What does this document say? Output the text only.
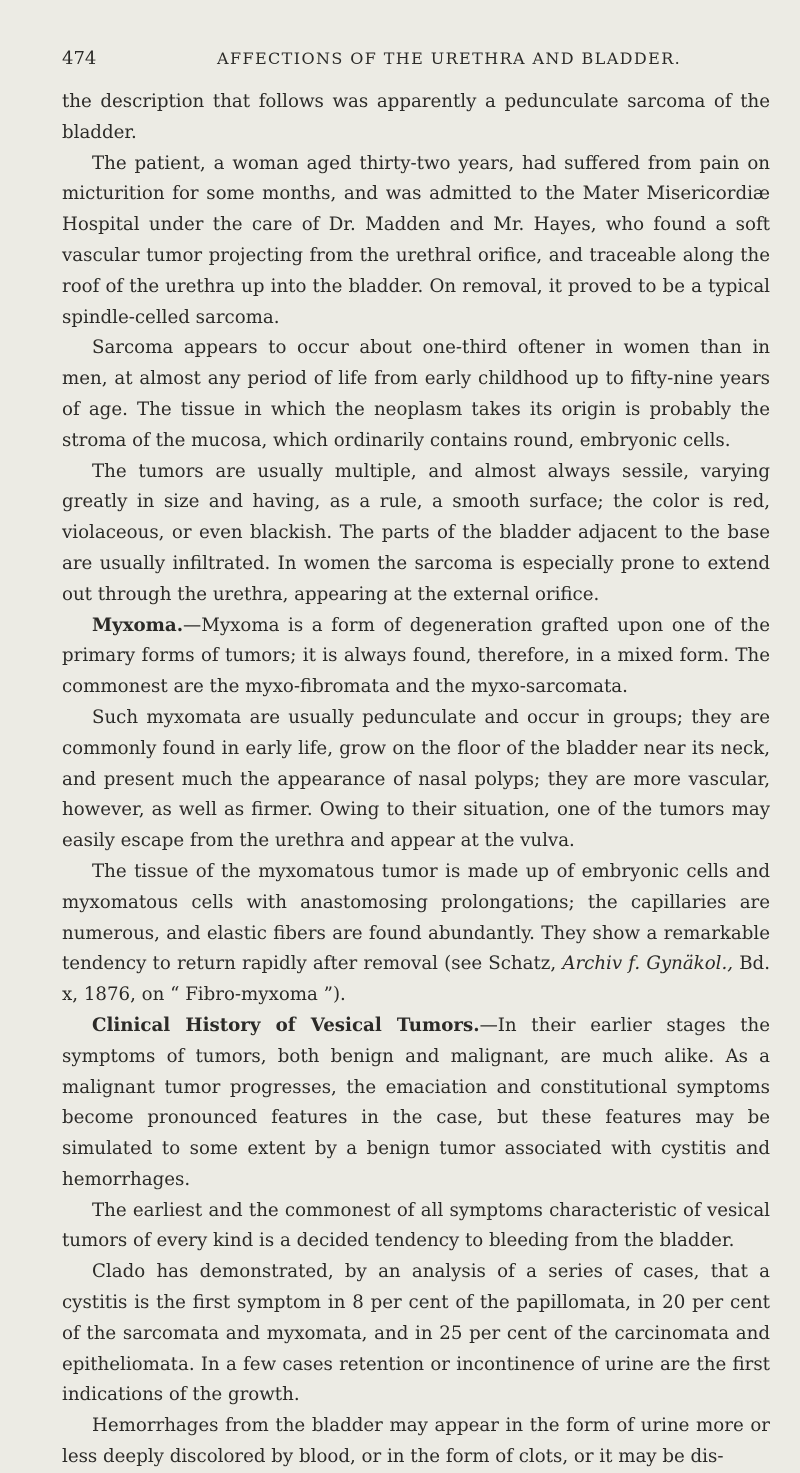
474	AFFECTIONS OF THE URETHRA AND BLADDER.

the description that follows was apparently a pedunculate sarcoma of the bladder.

The patient, a woman aged thirty-two years, had suffered from pain on micturition for some months, and was admitted to the Mater Misericordiæ Hospital under the care of Dr. Madden and Mr. Hayes, who found a soft vascular tumor projecting from the urethral orifice, and traceable along the roof of the urethra up into the bladder. On removal, it proved to be a typical spindle-celled sarcoma.

Sarcoma appears to occur about one-third oftener in women than in men, at almost any period of life from early childhood up to fifty-nine years of age. The tissue in which the neoplasm takes its origin is probably the stroma of the mucosa, which ordinarily contains round, embryonic cells.

The tumors are usually multiple, and almost always sessile, varying greatly in size and having, as a rule, a smooth surface; the color is red, violaceous, or even blackish. The parts of the bladder adjacent to the base are usually infiltrated. In women the sarcoma is especially prone to extend out through the urethra, appearing at the external orifice.

Myxoma.—Myxoma is a form of degeneration grafted upon one of the primary forms of tumors; it is always found, therefore, in a mixed form. The commonest are the myxo-fibromata and the myxo-sarcomata.

Such myxomata are usually pedunculate and occur in groups; they are commonly found in early life, grow on the floor of the bladder near its neck, and present much the appearance of nasal polyps; they are more vascular, however, as well as firmer. Owing to their situation, one of the tumors may easily escape from the urethra and appear at the vulva.

The tissue of the myxomatous tumor is made up of embryonic cells and myxomatous cells with anastomosing prolongations; the capillaries are numerous, and elastic fibers are found abundantly. They show a remarkable tendency to return rapidly after removal (see Schatz, Archiv f. Gynäkol., Bd. x, 1876, on “ Fibro-myxoma ”).

Clinical History of Vesical Tumors.—In their earlier stages the symptoms of tumors, both benign and malignant, are much alike. As a malignant tumor progresses, the emaciation and constitutional symptoms become pronounced features in the case, but these features may be simulated to some extent by a benign tumor associated with cystitis and hemorrhages.

The earliest and the commonest of all symptoms characteristic of vesical tumors of every kind is a decided tendency to bleeding from the bladder.

Clado has demonstrated, by an analysis of a series of cases, that a cystitis is the first symptom in 8 per cent of the papillomata, in 20 per cent of the sarcomata and myxomata, and in 25 per cent of the carcinomata and epitheliomata. In a few cases retention or incontinence of urine are the first indications of the growth.

Hemorrhages from the bladder may appear in the form of urine more or less deeply discolored by blood, or in the form of clots, or it may be dis-
